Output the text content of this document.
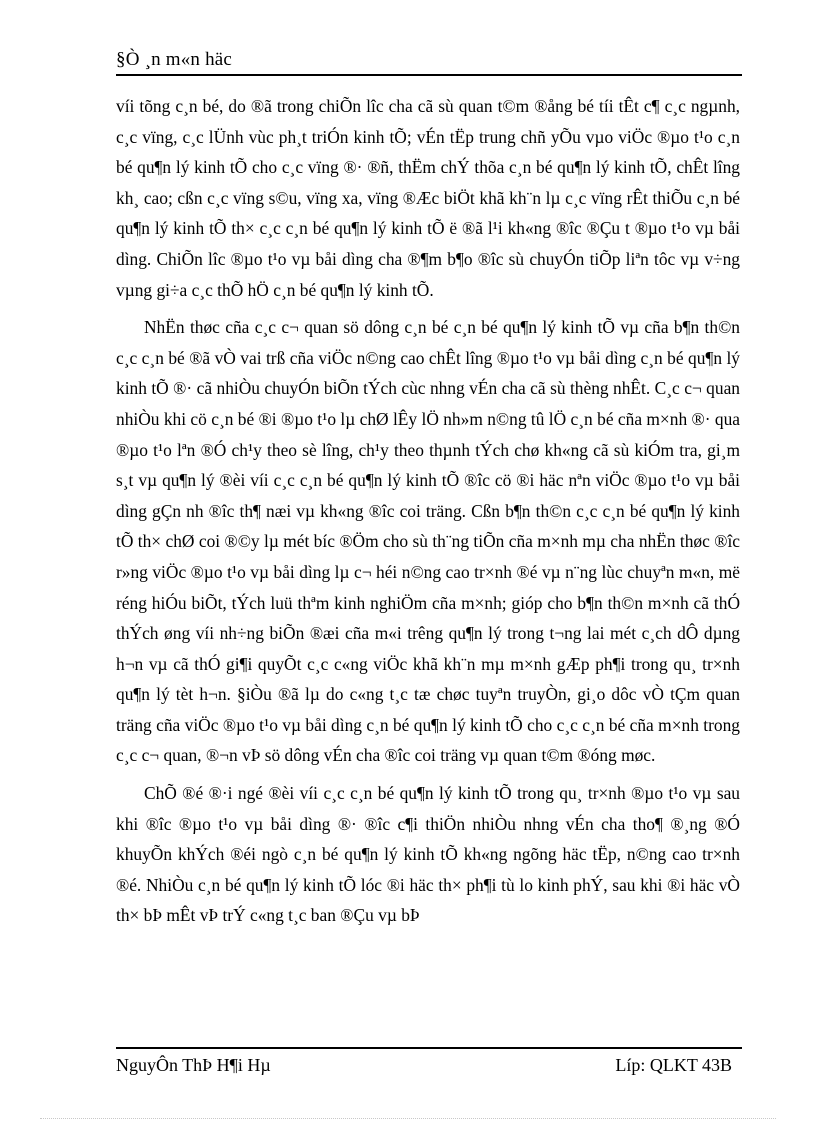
§Ò ¸n m«n häc

víi tõng c¸n bé, do ®ã trong chiÕn lîc cha cã sù quan t©m ®ång bé tíi tÊt c¶ c¸c ngµnh, c¸c vïng, c¸c lÜnh vùc ph¸t triÓn kinh tÕ; vÉn tËp trung chñ yÕu vµo viÖc ®µo t¹o c¸n bé qu¶n lý kinh tÕ cho c¸c vïng ®· ®ñ, thËm chÝ thõa c¸n bé qu¶n lý kinh tÕ, chÊt lîng kh¸ cao; cßn c¸c vïng s©u, vïng xa, vïng ®Æc biÖt khã kh¨n lµ c¸c vïng rÊt thiÕu c¸n bé qu¶n lý kinh tÕ th× c¸c c¸n bé qu¶n lý kinh tÕ ë ®ã l¹i kh«ng ®îc ®Çu t ®µo t¹o vµ båi dìng. ChiÕn lîc ®µo t¹o vµ båi dìng cha ®¶m b¶o ®îc sù chuyÓn tiÕp liªn tôc vµ v÷ng vµng gi÷a c¸c thÕ hÖ c¸n bé qu¶n lý kinh tÕ.

NhËn thøc cña c¸c c¬ quan sö dông c¸n bé c¸n bé qu¶n lý kinh tÕ vµ cña b¶n th©n c¸c c¸n bé ®ã vÒ vai trß cña viÖc n©ng cao chÊt lîng ®µo t¹o vµ båi dìng c¸n bé qu¶n lý kinh tÕ ®· cã nhiÒu chuyÓn biÕn tÝch cùc nhng vÉn cha cã sù thèng nhÊt. C¸c c¬ quan nhiÒu khi cö c¸n bé ®i ®µo t¹o lµ chØ lÊy lÖ nh»m n©ng tû lÖ c¸n bé cña m×nh ®· qua ®µo t¹o lªn ®Ó ch¹y theo sè lîng, ch¹y theo thµnh tÝch chø kh«ng cã sù kiÓm tra, gi¸m s¸t vµ qu¶n lý ®èi víi c¸c c¸n bé qu¶n lý kinh tÕ ®îc cö ®i häc nªn viÖc ®µo t¹o vµ båi dìng gÇn nh ®îc th¶ næi vµ kh«ng ®îc coi träng. Cßn b¶n th©n c¸c c¸n bé qu¶n lý kinh tÕ th× chØ coi ®©y lµ mét bíc ®Öm cho sù th¨ng tiÕn cña m×nh mµ cha nhËn thøc ®îc r»ng viÖc ®µo t¹o vµ båi dìng lµ c¬ héi n©ng cao tr×nh ®é vµ n¨ng lùc chuyªn m«n, më réng hiÓu biÕt, tÝch luü thªm kinh nghiÖm cña m×nh; gióp cho b¶n th©n m×nh cã thÓ thÝch øng víi nh÷ng biÕn ®æi cña m«i trêng qu¶n lý trong t¬ng lai mét c¸ch dÔ dµng h¬n vµ cã thÓ gi¶i quyÕt c¸c c«ng viÖc khã kh¨n mµ m×nh gÆp ph¶i trong qu¸ tr×nh qu¶n lý tèt h¬n. §iÒu ®ã lµ do c«ng t¸c tæ chøc tuyªn truyÒn, gi¸o dôc vÒ tÇm quan träng cña viÖc ®µo t¹o vµ båi dìng c¸n bé qu¶n lý kinh tÕ cho c¸c c¸n bé cña m×nh trong c¸c c¬ quan, ®¬n vÞ sö dông vÉn cha ®îc coi träng vµ quan t©m ®óng møc.

ChÕ ®é ®·i ngé ®èi víi c¸c c¸n bé qu¶n lý kinh tÕ trong qu¸ tr×nh ®µo t¹o vµ sau khi ®îc ®µo t¹o vµ båi dìng ®· ®îc c¶i thiÖn nhiÒu nhng vÉn cha tho¶ ®¸ng ®Ó khuyÕn khÝch ®éi ngò c¸n bé qu¶n lý kinh tÕ kh«ng ngõng häc tËp, n©ng cao tr×nh ®é. NhiÒu c¸n bé qu¶n lý kinh tÕ lóc ®i häc th× ph¶i tù lo kinh phÝ, sau khi ®i häc vÒ th× bÞ mÊt vÞ trÝ c«ng t¸c ban ®Çu vµ bÞ

NguyÔn ThÞ H¶i Hµ	Líp: QLKT 43B
